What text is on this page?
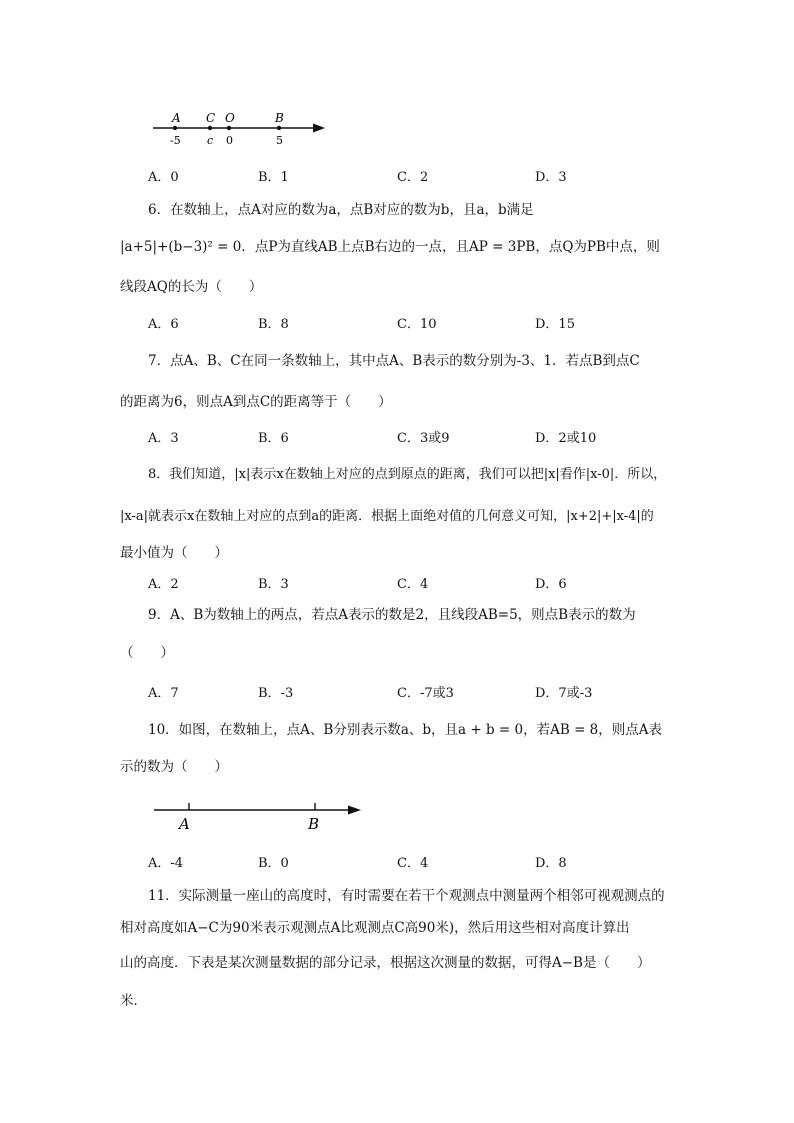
A C O	B
-5 c 0	5
A．0	B．1	C．2	D．3
6．在数轴上，点A对应的数为a，点B对应的数为b，且a，b满足
|a+5|+(b−3)² = 0．点P为直线AB上点B右边的一点，且AP = 3PB，点Q为PB中点，则
线段AQ的长为（　　）
A．6	B．8	C．10	D．15
7．点A、B、C在同一条数轴上，其中点A、B表示的数分别为-3、1．若点B到点C
的距离为6，则点A到点C的距离等于（　　）
A．3	B．6	C．3或9	D．2或10
8．我们知道，|x|表示x在数轴上对应的点到原点的距离，我们可以把|x|看作|x-0|．所以，
|x-a|就表示x在数轴上对应的点到a的距离．根据上面绝对值的几何意义可知，|x+2|+|x-4|的
最小值为（　　）
A．2	B．3	C．4	D．6
9．A、B为数轴上的两点，若点A表示的数是2，且线段AB=5，则点B表示的数为
（　　）
A．7	B．-3	C．-7或3	D．7或-3
10．如图，在数轴上，点A、B分别表示数a、b，且a + b = 0，若AB = 8，则点A表
示的数为（　　）
A	B
A．-4	B．0	C．4	D．8
11．实际测量一座山的高度时，有时需要在若干个观测点中测量两个相邻可视观测点的
相对高度如A−C为90米表示观测点A比观测点C高90米)，然后用这些相对高度计算出
山的高度．下表是某次测量数据的部分记录，根据这次测量的数据，可得A−B是（　　）
米．
